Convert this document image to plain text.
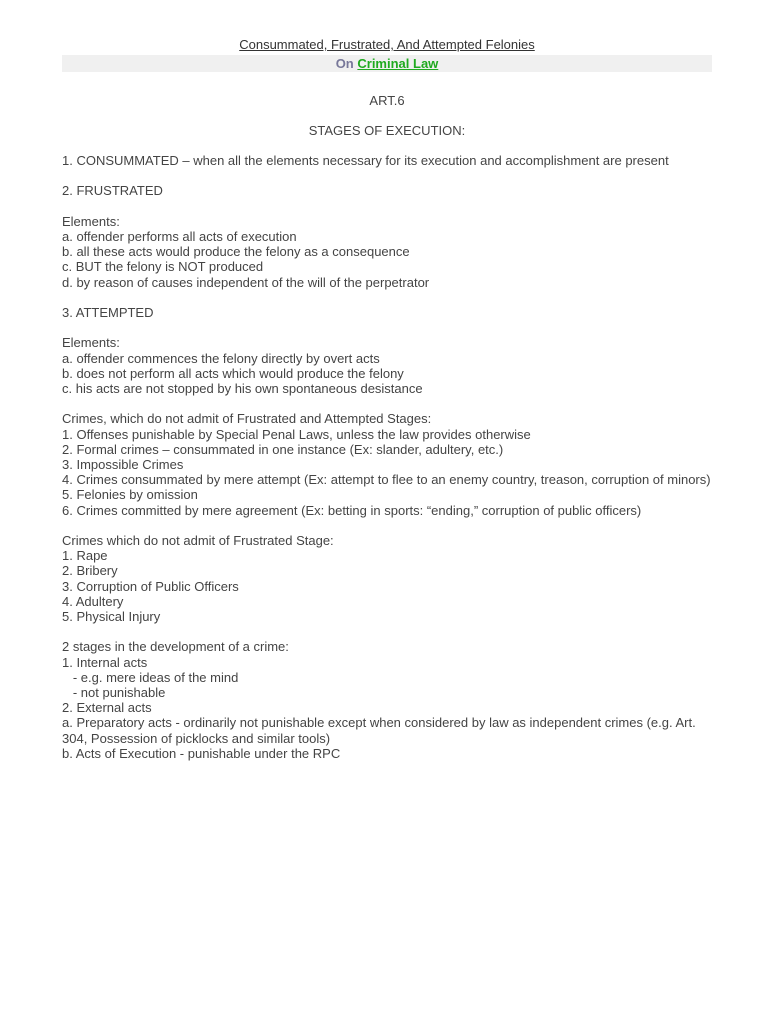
Consummated, Frustrated, And Attempted Felonies

On Criminal Law

ART.6

STAGES OF EXECUTION:

1. CONSUMMATED – when all the elements necessary for its execution and accomplishment are present
2. FRUSTRATED
Elements:
a. offender performs all acts of execution
b. all these acts would produce the felony as a consequence
c. BUT the felony is NOT produced
d. by reason of causes independent of the will of the perpetrator
3. ATTEMPTED
Elements:
a. offender commences the felony directly by overt acts
b. does not perform all acts which would produce the felony
c. his acts are not stopped by his own spontaneous desistance
Crimes, which do not admit of Frustrated and Attempted Stages:
1. Offenses punishable by Special Penal Laws, unless the law provides otherwise
2. Formal crimes – consummated in one instance (Ex: slander, adultery, etc.)
3. Impossible Crimes
4. Crimes consummated by mere attempt (Ex: attempt to flee to an enemy country, treason, corruption of minors)
5. Felonies by omission
6. Crimes committed by mere agreement (Ex: betting in sports: “ending,” corruption of public officers)
Crimes which do not admit of Frustrated Stage:
1. Rape
2. Bribery
3. Corruption of Public Officers
4. Adultery
5. Physical Injury
2 stages in the development of a crime:
1. Internal acts
- e.g. mere ideas of the mind
- not punishable
2. External acts
a. Preparatory acts - ordinarily not punishable except when considered by law as independent crimes (e.g. Art. 304, Possession of picklocks and similar tools)
b. Acts of Execution - punishable under the RPC
